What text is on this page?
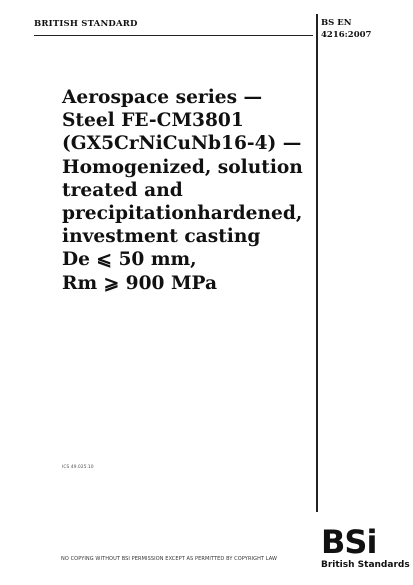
BRITISH STANDARD	BS EN
4216:2007
Aerospace series —
Steel FE-CM3801
(GX5CrNiCuNb16-4) —
Homogenized, solution
treated and
precipitationhardened,
investment casting
De ⩽ 50 mm,
Rm ⩾ 900 MPa
ICS 49.025.10
NO COPYING WITHOUT BSI PERMISSION EXCEPT AS PERMITTED BY COPYRIGHT LAW BSi
British Standards
